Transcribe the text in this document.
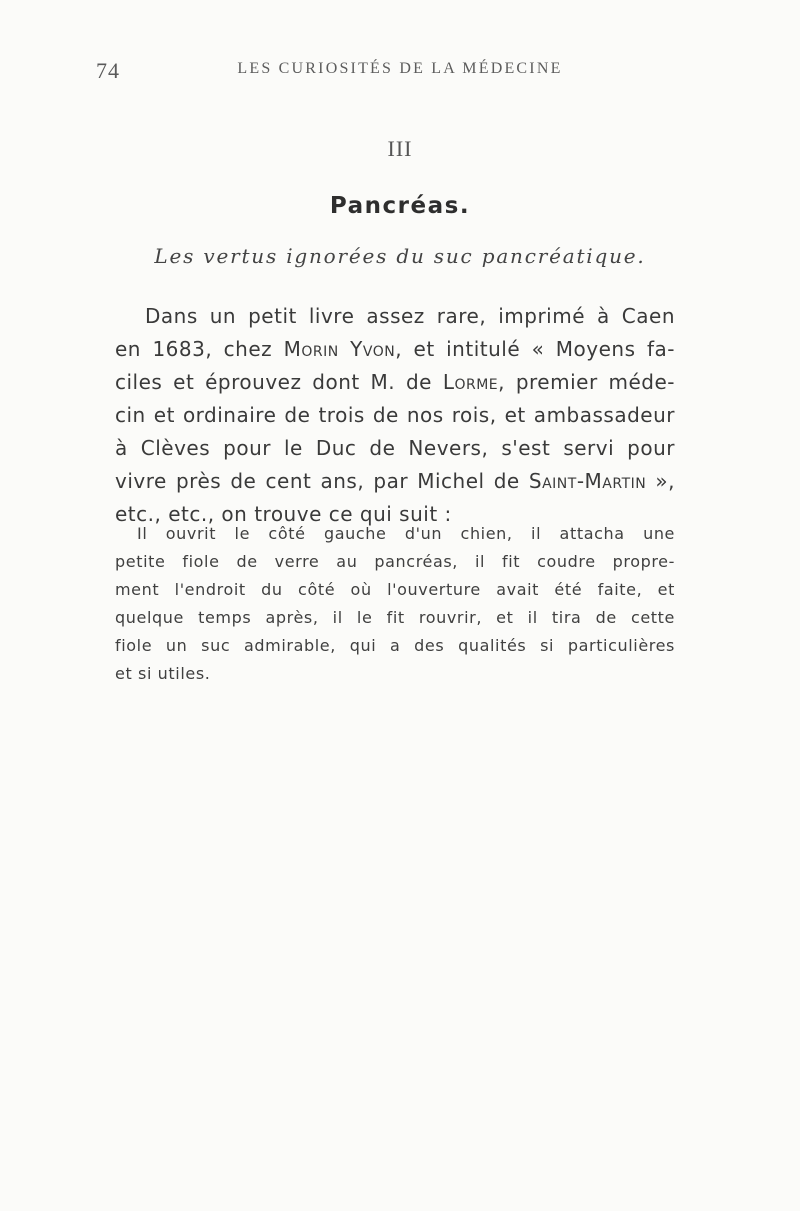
74	LES CURIOSITÉS DE LA MÉDECINE
III
Pancréas.
Les vertus ignorées du suc pancréatique.
Dans un petit livre assez rare, imprimé à Caen
en 1683, chez Morin Yvon, et intitulé « Moyens fa-
ciles et éprouvez dont M. de Lorme, premier méde-
cin et ordinaire de trois de nos rois, et ambassadeur
à Clèves pour le Duc de Nevers, s'est servi pour
vivre près de cent ans, par Michel de Saint-Martin »,
etc., etc., on trouve ce qui suit :
Il ouvrit le côté gauche d'un chien, il attacha une
petite fiole de verre au pancréas, il fit coudre propre-
ment l'endroit du côté où l'ouverture avait été faite, et
quelque temps après, il le fit rouvrir, et il tira de cette
fiole un suc admirable, qui a des qualités si particulières
et si utiles.
